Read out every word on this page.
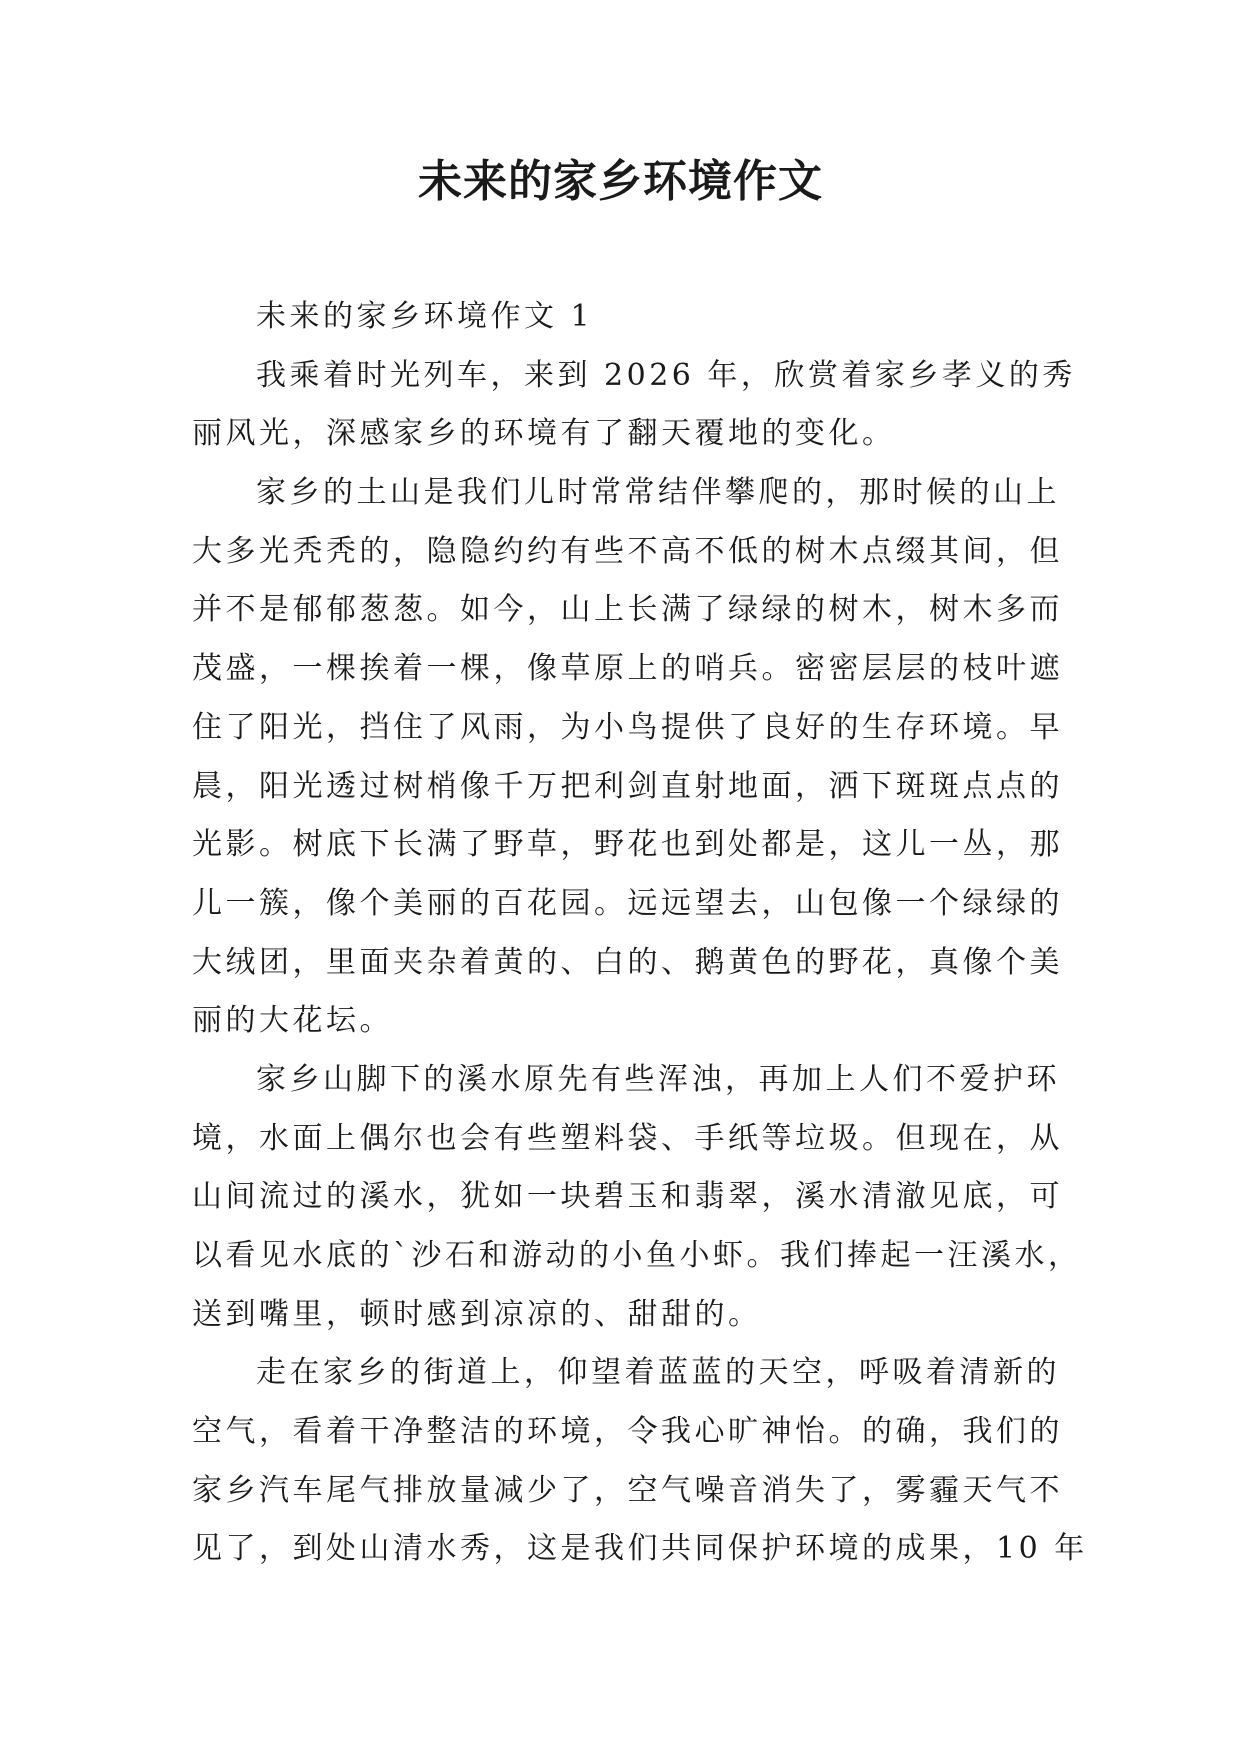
未来的家乡环境作文
未来的家乡环境作文 1
我乘着时光列车，来到 2026 年，欣赏着家乡孝义的秀
丽风光，深感家乡的环境有了翻天覆地的变化。
家乡的土山是我们儿时常常结伴攀爬的，那时候的山上
大多光秃秃的，隐隐约约有些不高不低的树木点缀其间，但
并不是郁郁葱葱。如今，山上长满了绿绿的树木，树木多而
茂盛，一棵挨着一棵，像草原上的哨兵。密密层层的枝叶遮
住了阳光，挡住了风雨，为小鸟提供了良好的生存环境。早
晨，阳光透过树梢像千万把利剑直射地面，洒下斑斑点点的
光影。树底下长满了野草，野花也到处都是，这儿一丛，那
儿一簇，像个美丽的百花园。远远望去，山包像一个绿绿的
大绒团，里面夹杂着黄的、白的、鹅黄色的野花，真像个美
丽的大花坛。
家乡山脚下的溪水原先有些浑浊，再加上人们不爱护环
境，水面上偶尔也会有些塑料袋、手纸等垃圾。但现在，从
山间流过的溪水，犹如一块碧玉和翡翠，溪水清澈见底，可
以看见水底的`沙石和游动的小鱼小虾。我们捧起一汪溪水，
送到嘴里，顿时感到凉凉的、甜甜的。
走在家乡的街道上，仰望着蓝蓝的天空，呼吸着清新的
空气，看着干净整洁的环境，令我心旷神怡。的确，我们的
家乡汽车尾气排放量减少了，空气噪音消失了，雾霾天气不
见了，到处山清水秀，这是我们共同保护环境的成果，10 年
